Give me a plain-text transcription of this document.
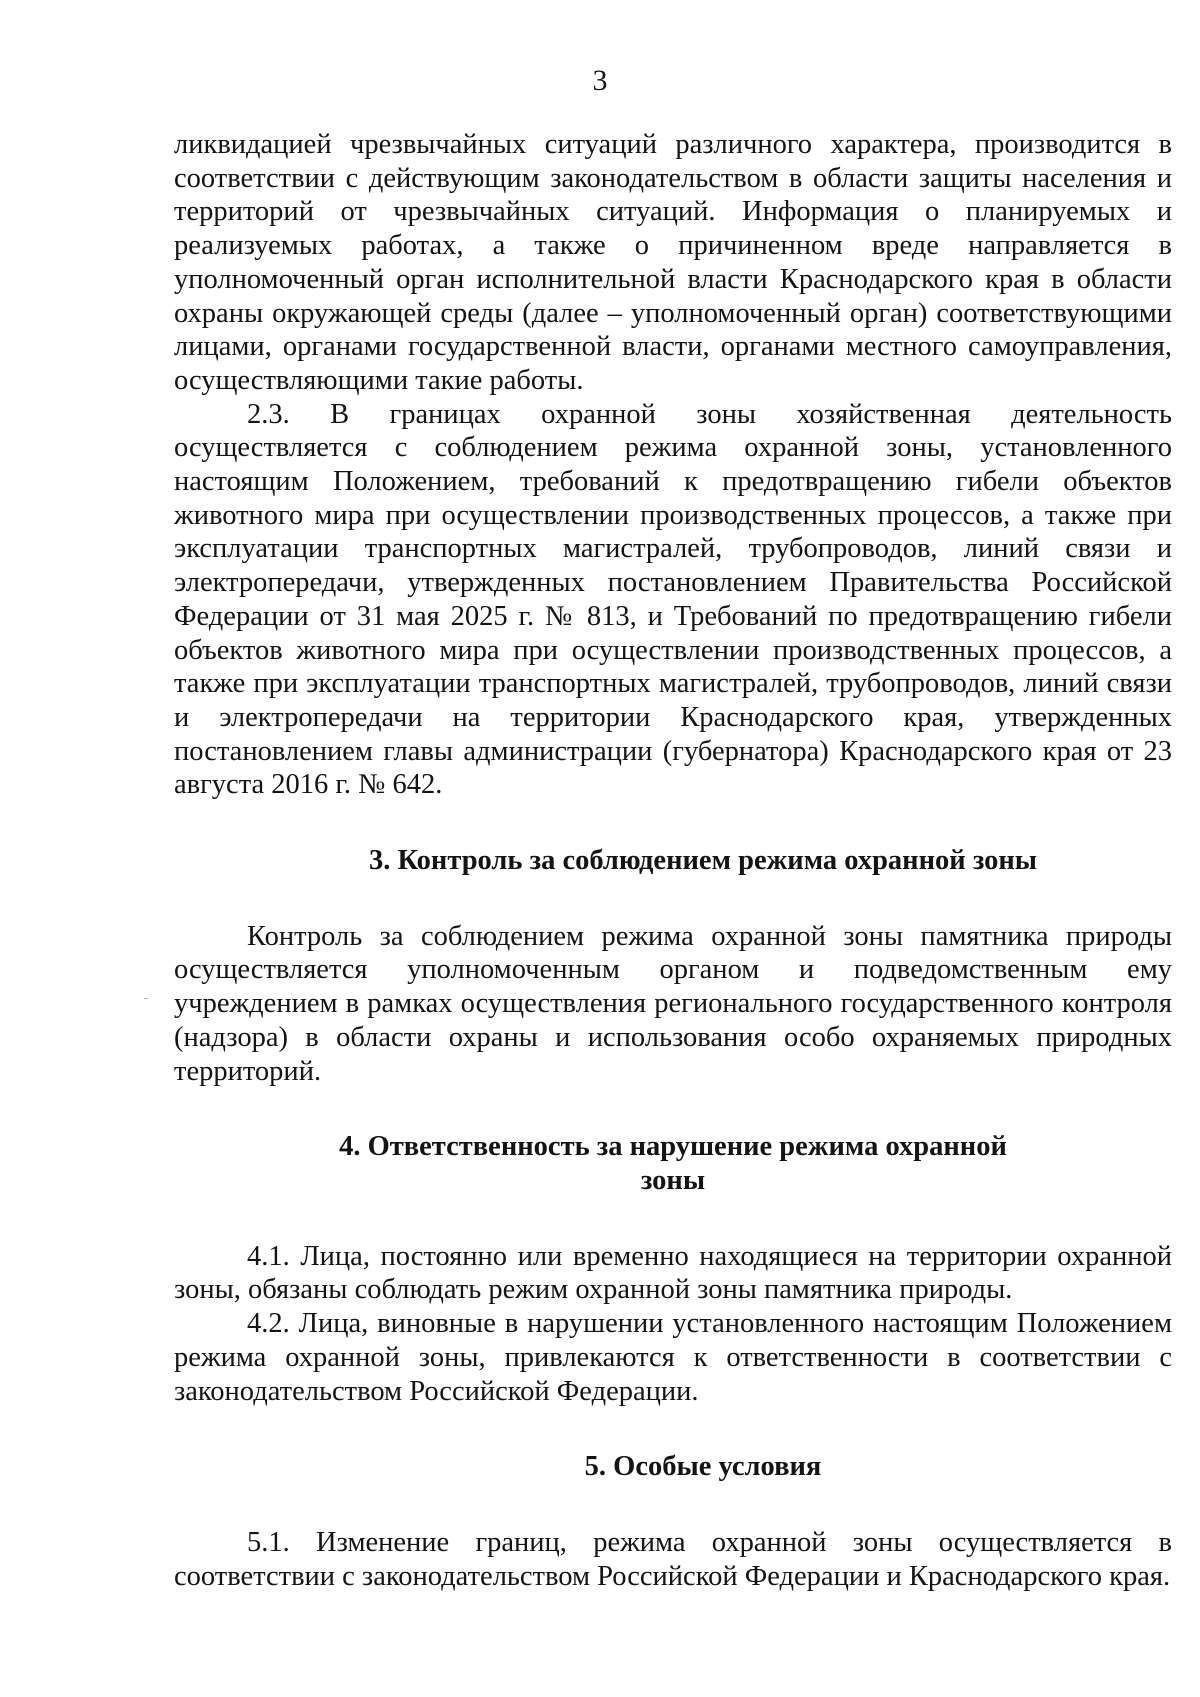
3

ликвидацией чрезвычайных ситуаций различного характера, производится в соответствии с действующим законодательством в области защиты населения и территорий от чрезвычайных ситуаций. Информация о планируемых и реализуемых работах, а также о причиненном вреде направляется в уполномоченный орган исполнительной власти Краснодарского края в области охраны окружающей среды (далее – уполномоченный орган) соответствующими лицами, органами государственной власти, органами местного самоуправления, осуществляющими такие работы.

2.3. В границах охранной зоны хозяйственная деятельность осуществляется с соблюдением режима охранной зоны, установленного настоящим Положением, требований к предотвращению гибели объектов животного мира при осуществлении производственных процессов, а также при эксплуатации транспортных магистралей, трубопроводов, линий связи и электропередачи, утвержденных постановлением Правительства Российской Федерации от 31 мая 2025 г. № 813, и Требований по предотвращению гибели объектов животного мира при осуществлении производственных процессов, а также при эксплуатации транспортных магистралей, трубопроводов, линий связи и электропередачи на территории Краснодарского края, утвержденных постановлением главы администрации (губернатора) Краснодарского края от 23 августа 2016 г. № 642.

3. Контроль за соблюдением режима охранной зоны

Контроль за соблюдением режима охранной зоны памятника природы осуществляется уполномоченным органом и подведомственным ему учреждением в рамках осуществления регионального государственного контроля (надзора) в области охраны и использования особо охраняемых природных территорий.

4. Ответственность за нарушение режима охранной
зоны

4.1. Лица, постоянно или временно находящиеся на территории охранной зоны, обязаны соблюдать режим охранной зоны памятника природы.

4.2. Лица, виновные в нарушении установленного настоящим Положением режима охранной зоны, привлекаются к ответственности в соответствии с законодательством Российской Федерации.

5. Особые условия

5.1. Изменение границ, режима охранной зоны осуществляется в соответствии с законодательством Российской Федерации и Краснодарского края.
